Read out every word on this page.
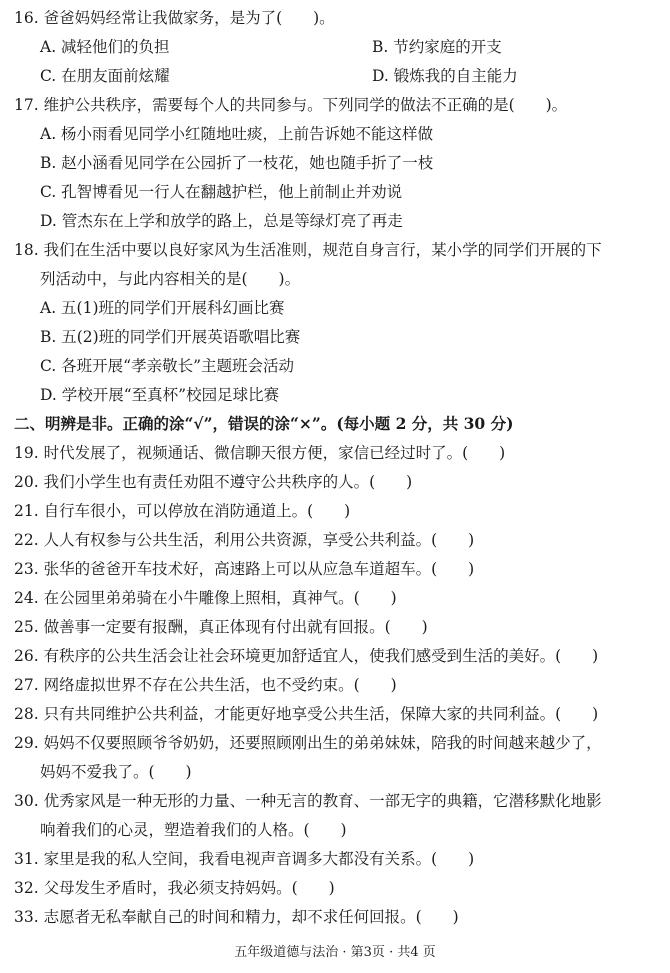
16. 爸爸妈妈经常让我做家务，是为了(　　)。
A. 减轻他们的负担	B. 节约家庭的开支
C. 在朋友面前炫耀	D. 锻炼我的自主能力
17. 维护公共秩序，需要每个人的共同参与。下列同学的做法不正确的是(　　)。
A. 杨小雨看见同学小红随地吐痰，上前告诉她不能这样做
B. 赵小涵看见同学在公园折了一枝花，她也随手折了一枝
C. 孔智博看见一行人在翻越护栏，他上前制止并劝说
D. 管杰东在上学和放学的路上，总是等绿灯亮了再走
18. 我们在生活中要以良好家风为生活准则，规范自身言行，某小学的同学们开展的下
列活动中，与此内容相关的是(　　)。
A. 五(1)班的同学们开展科幻画比赛
B. 五(2)班的同学们开展英语歌唱比赛
C. 各班开展“孝亲敬长”主题班会活动
D. 学校开展“至真杯”校园足球比赛
二、明辨是非。正确的涂“√”，错误的涂“×”。(每小题 2 分，共 30 分)
19. 时代发展了，视频通话、微信聊天很方便，家信已经过时了。(　　)
20. 我们小学生也有责任劝阻不遵守公共秩序的人。(　　)
21. 自行车很小，可以停放在消防通道上。(　　)
22. 人人有权参与公共生活，利用公共资源，享受公共利益。(　　)
23. 张华的爸爸开车技术好，高速路上可以从应急车道超车。(　　)
24. 在公园里弟弟骑在小牛雕像上照相，真神气。(　　)
25. 做善事一定要有报酬，真正体现有付出就有回报。(　　)
26. 有秩序的公共生活会让社会环境更加舒适宜人，使我们感受到生活的美好。(　　)
27. 网络虚拟世界不存在公共生活，也不受约束。(　　)
28. 只有共同维护公共利益，才能更好地享受公共生活，保障大家的共同利益。(　　)
29. 妈妈不仅要照顾爷爷奶奶，还要照顾刚出生的弟弟妹妹，陪我的时间越来越少了，
妈妈不爱我了。(　　)
30. 优秀家风是一种无形的力量、一种无言的教育、一部无字的典籍，它潜移默化地影
响着我们的心灵，塑造着我们的人格。(　　)
31. 家里是我的私人空间，我看电视声音调多大都没有关系。(　　)
32. 父母发生矛盾时，我必须支持妈妈。(　　)
33. 志愿者无私奉献自己的时间和精力，却不求任何回报。(　　)
五年级道德与法治 · 第3页 · 共4 页
